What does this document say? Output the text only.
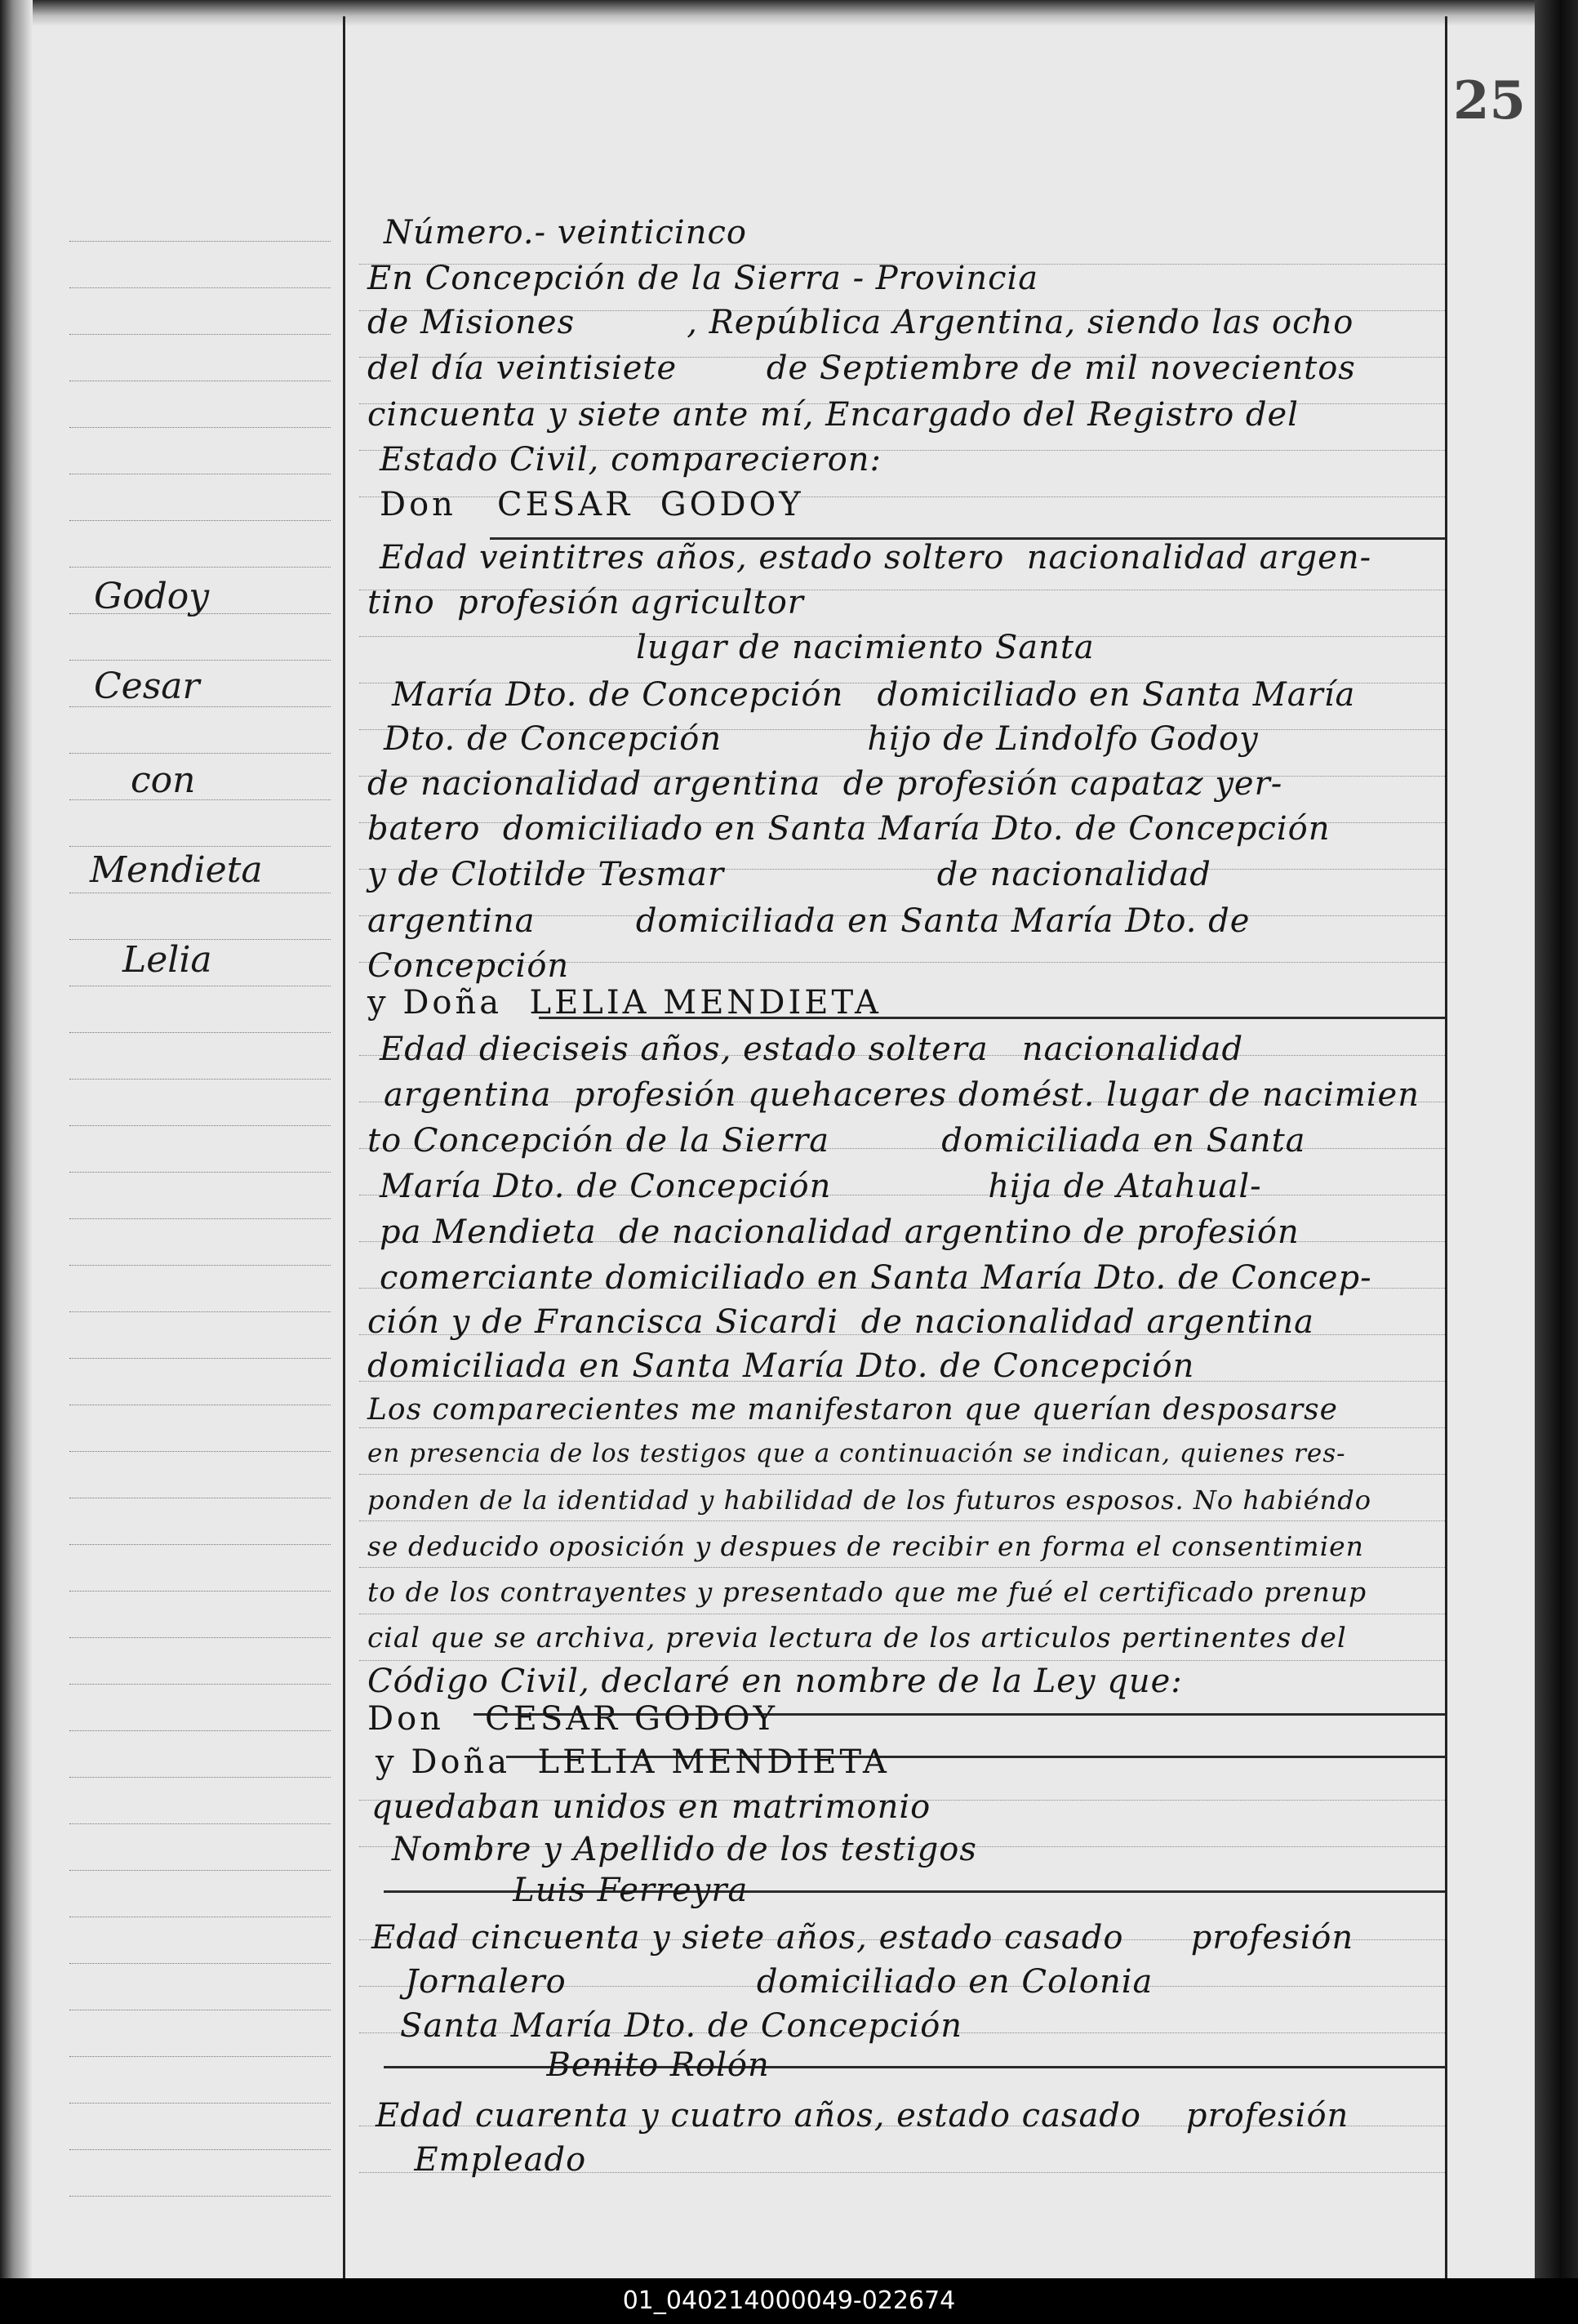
25
Godoy
Cesar
con
Mendieta
Lelia
Número.- veinticinco
En Concepción de la Sierra - Provincia
de Misiones          , República Argentina, siendo las ocho
del día veintisiete        de Septiembre de mil novecientos
cincuenta y siete ante mí, Encargado del Registro del
Estado Civil, comparecieron:
Don   CESAR  GODOY
Edad veintitres años, estado soltero  nacionalidad argen-
tino  profesión agricultor
lugar de nacimiento Santa
María Dto. de Concepción   domiciliado en Santa María
Dto. de Concepción             hijo de Lindolfo Godoy
de nacionalidad argentina  de profesión capataz yer-
batero  domiciliado en Santa María Dto. de Concepción
y de Clotilde Tesmar                   de nacionalidad
argentina         domiciliada en Santa María Dto. de
Concepción
y Doña  LELIA MENDIETA
Edad dieciseis años, estado soltera   nacionalidad
argentina  profesión quehaceres domést. lugar de nacimien
to Concepción de la Sierra          domiciliada en Santa
María Dto. de Concepción              hija de Atahual-
pa Mendieta  de nacionalidad argentino de profesión
comerciante domiciliado en Santa María Dto. de Concep-
ción y de Francisca Sicardi  de nacionalidad argentina
domiciliada en Santa María Dto. de Concepción
Los comparecientes me manifestaron que querían desposarse
en presencia de los testigos que a continuación se indican, quienes res-
ponden de la identidad y habilidad de los futuros esposos. No habiéndo
se deducido oposición y despues de recibir en forma el consentimien
to de los contrayentes y presentado que me fué el certificado prenup
cial que se archiva, previa lectura de los articulos pertinentes del
Código Civil, declaré en nombre de la Ley que:
Don   CESAR GODOY
y Doña  LELIA MENDIETA
quedaban unidos en matrimonio
Nombre y Apellido de los testigos
Luis Ferreyra
Edad cincuenta y siete años, estado casado      profesión
Jornalero                 domiciliado en Colonia
Santa María Dto. de Concepción
Benito Rolón
Edad cuarenta y cuatro años, estado casado    profesión
Empleado
01_040214000049-022674
